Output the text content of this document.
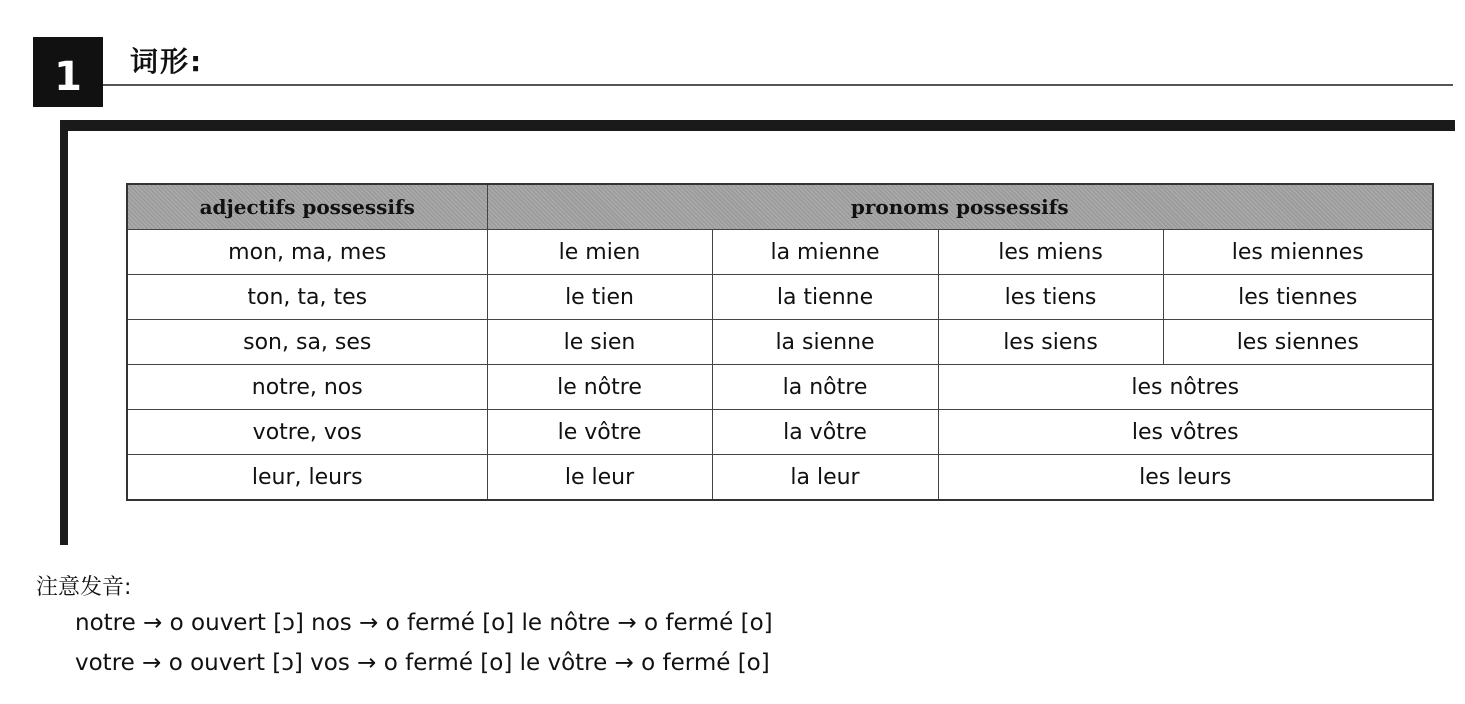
1	词形:
adjectifs possessifs	pronoms possessifs			
mon, ma, mes	le mien	la mienne	les miens	les miennes
ton, ta, tes	le tien	la tienne	les tiens	les tiennes
son, sa, ses	le sien	la sienne	les siens	les siennes
notre, nos	le nôtre	la nôtre	les nôtres	
votre, vos	le vôtre	la vôtre	les vôtres	
leur, leurs	le leur	la leur	les leurs	
注意发音:
notre → o ouvert [ɔ] nos → o fermé [o] le nôtre → o fermé [o]
votre → o ouvert [ɔ] vos → o fermé [o] le vôtre → o fermé [o]
